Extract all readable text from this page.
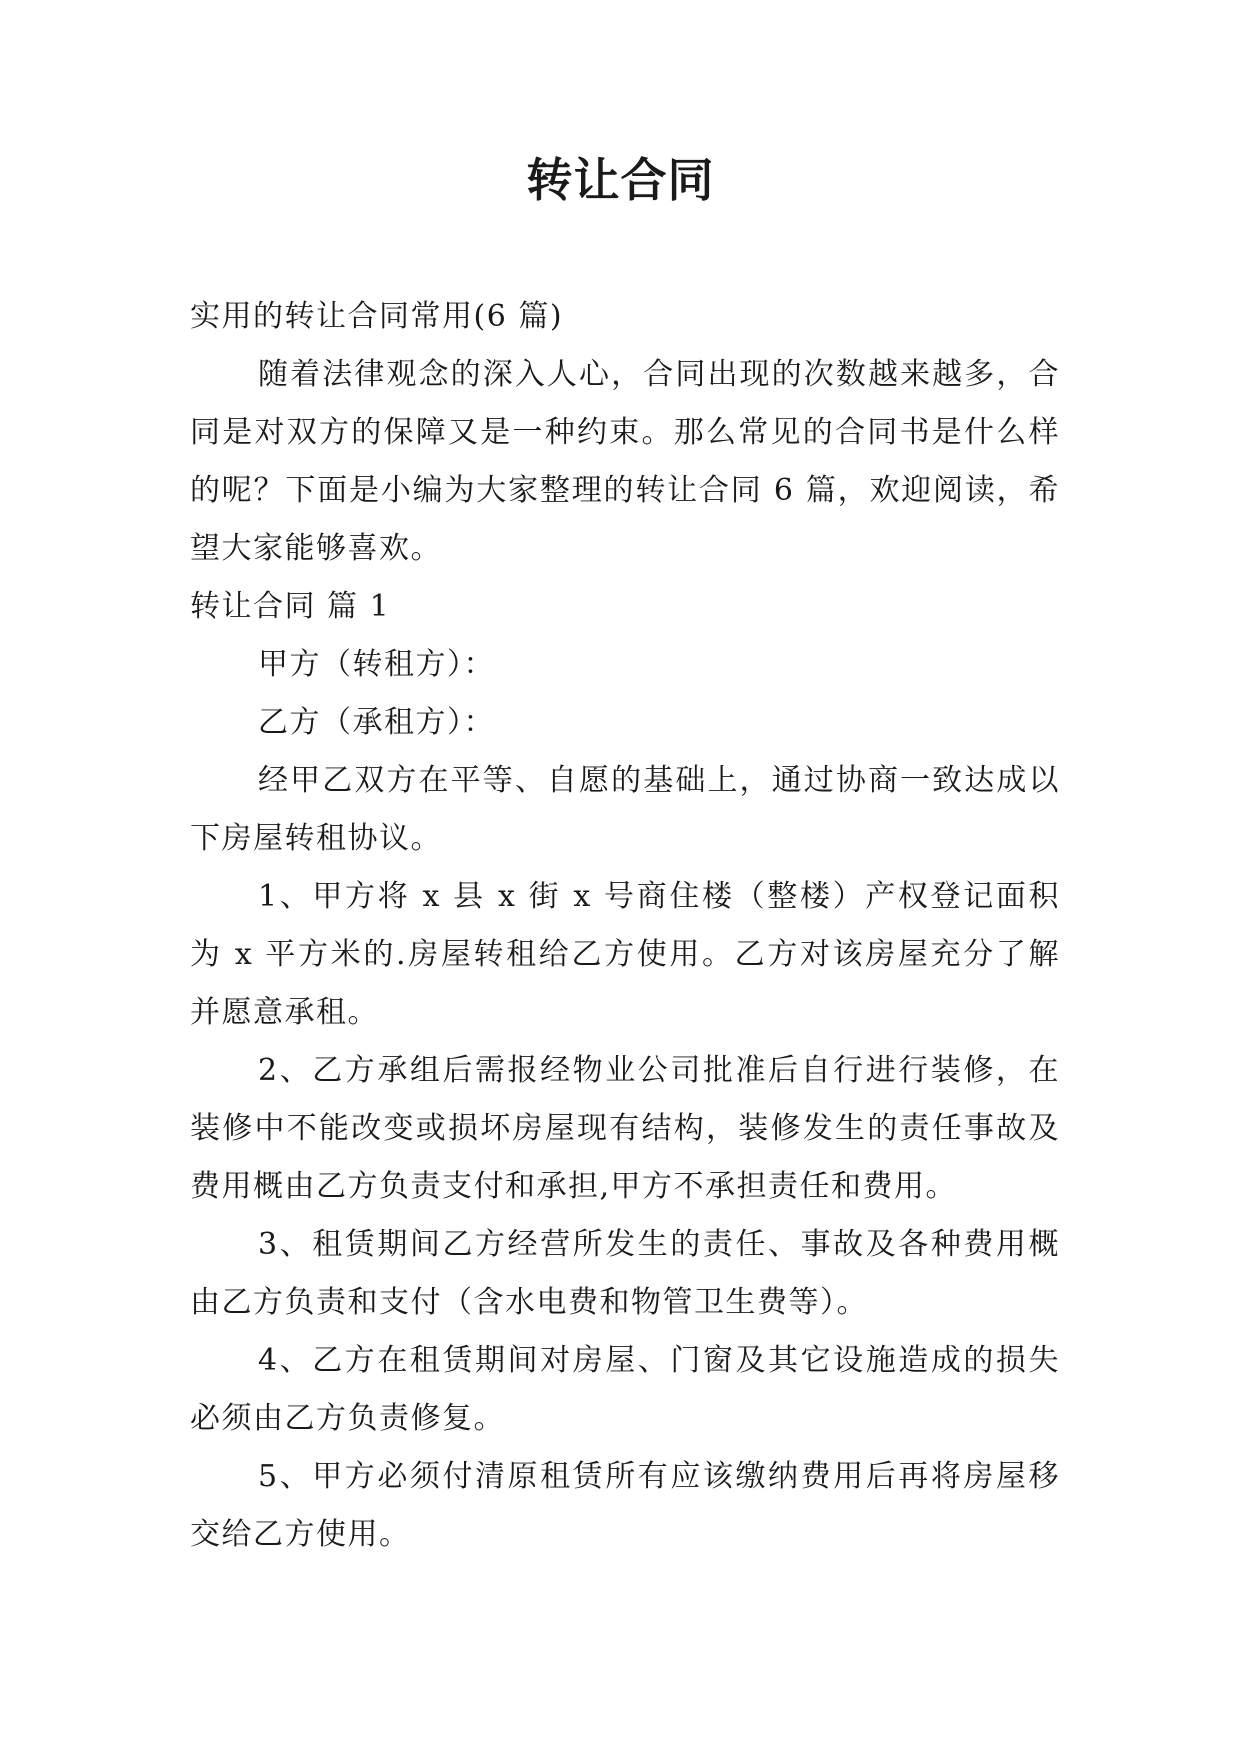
转让合同

实用的转让合同常用(6 篇)

随着法律观念的深入人心，合同出现的次数越来越多，合同是对双方的保障又是一种约束。那么常见的合同书是什么样的呢？下面是小编为大家整理的转让合同 6 篇，欢迎阅读，希望大家能够喜欢。

转让合同 篇 1

甲方（转租方）：

乙方（承租方）：

经甲乙双方在平等、自愿的基础上，通过协商一致达成以下房屋转租协议。

1、甲方将 x 县 x 街 x 号商住楼（整楼）产权登记面积为 x 平方米的.房屋转租给乙方使用。乙方对该房屋充分了解并愿意承租。

2、乙方承组后需报经物业公司批准后自行进行装修，在装修中不能改变或损坏房屋现有结构，装修发生的责任事故及费用概由乙方负责支付和承担,甲方不承担责任和费用。

3、租赁期间乙方经营所发生的责任、事故及各种费用概由乙方负责和支付（含水电费和物管卫生费等）。

4、乙方在租赁期间对房屋、门窗及其它设施造成的损失必须由乙方负责修复。

5、甲方必须付清原租赁所有应该缴纳费用后再将房屋移交给乙方使用。
